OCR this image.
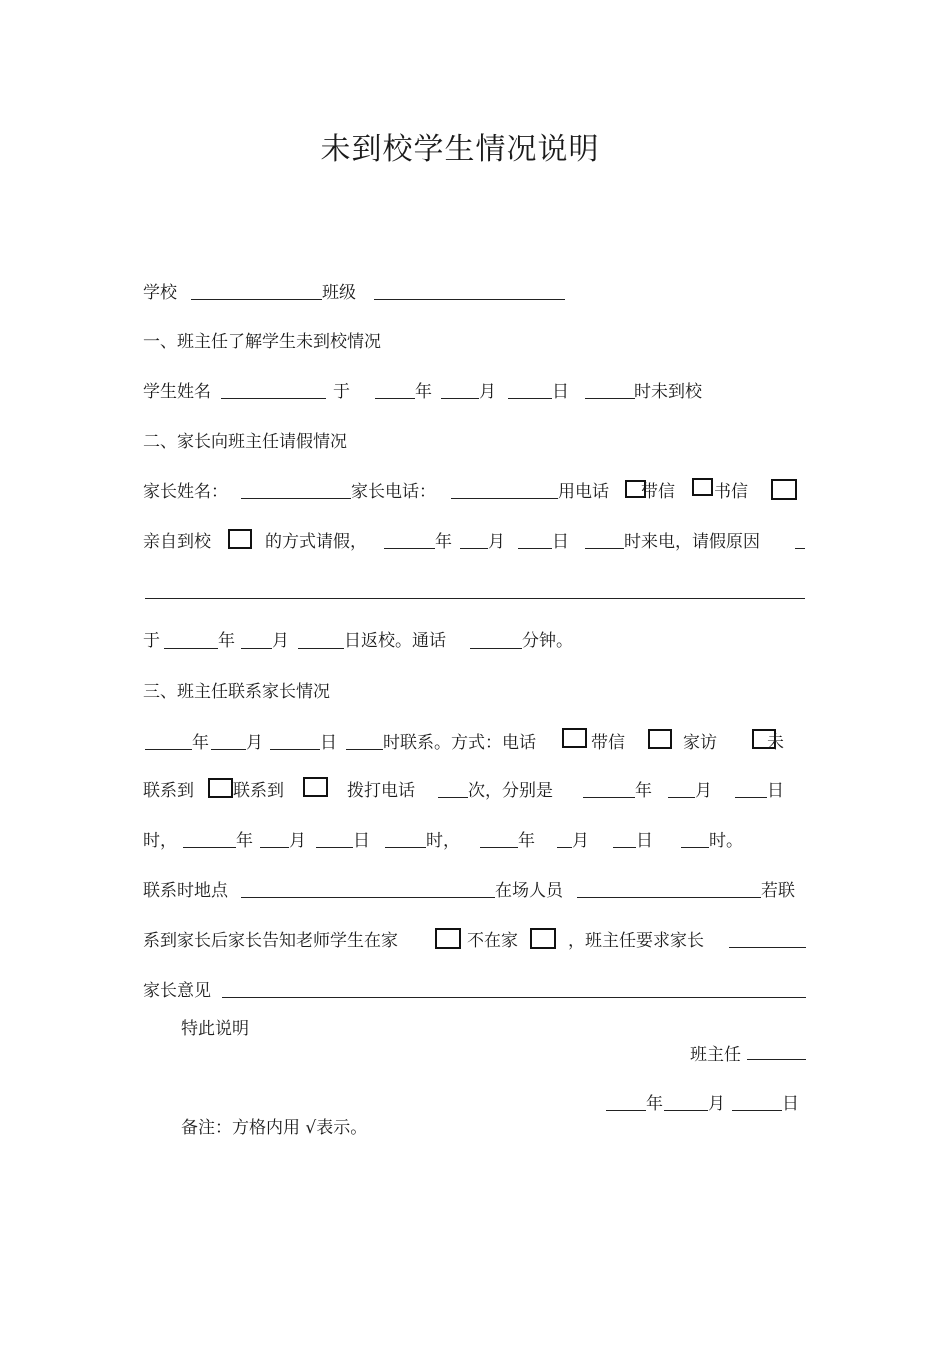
未到校学生情况说明
学校	班级
一、班主任了解学生未到校情况
学生姓名	于	年	月	日	时未到校
二、家长向班主任请假情况
家长姓名：	家长电话：	用电话 带信 书信
亲自到校	的方式请假，	年 月	日	时来电，请假原因
于	年 月	日返校。通话	分钟。
三、班主任联系家长情况
年 月	日	时联系。方式：电话	带信	家访	未
联系到 联系到	拨打电话	次，分别是	年	月	日
时，	年 月	日	时，	年 月	日	时。
联系时地点	在场人员	若联
系到家长后家长告知老师学生在家	不在家	，班主任要求家长
家长意见
特此说明
班主任
年	月	日
备注：方格内用 √表示。
